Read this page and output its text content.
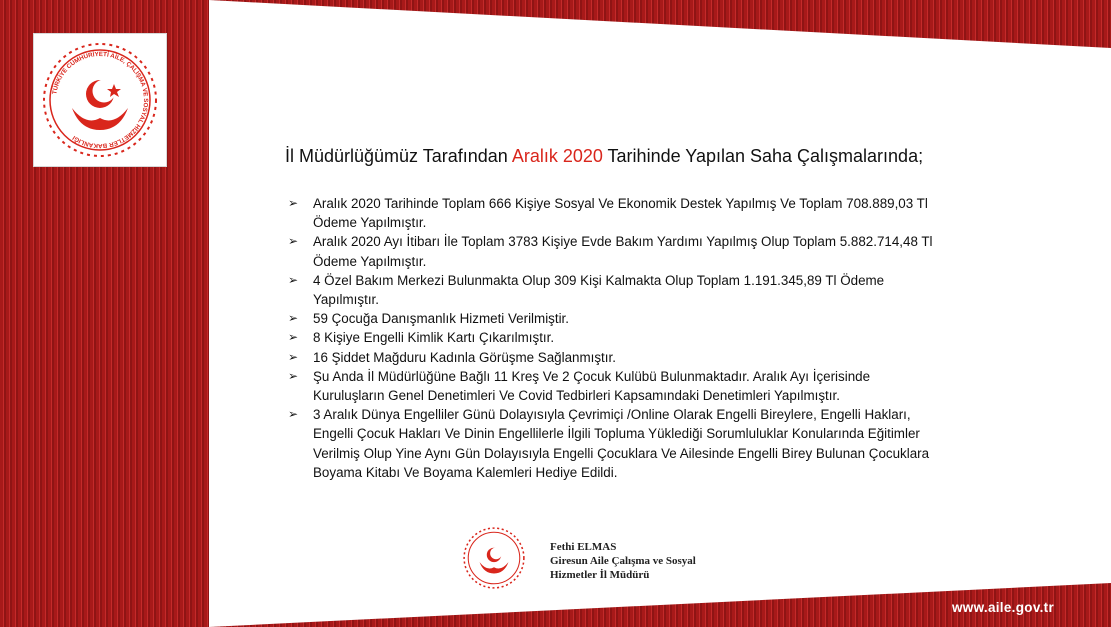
TÜRKİYE CUMHURİYETİ AİLE, ÇALIŞMA VE SOSYAL HİZMETLER BAKANLIĞI
İl Müdürlüğümüz Tarafından Aralık 2020 Tarihinde Yapılan Saha Çalışmalarında;
➢ Aralık 2020 Tarihinde Toplam 666 Kişiye Sosyal Ve Ekonomik Destek Yapılmış Ve Toplam 708.889,03 Tl
Ödeme Yapılmıştır.
➢ Aralık 2020 Ayı İtibarı İle Toplam 3783 Kişiye Evde Bakım Yardımı Yapılmış Olup Toplam 5.882.714,48 Tl
Ödeme Yapılmıştır.
➢ 4 Özel Bakım Merkezi Bulunmakta Olup 309 Kişi Kalmakta Olup Toplam 1.191.345,89 Tl Ödeme
Yapılmıştır.
➢ 59 Çocuğa Danışmanlık Hizmeti Verilmiştir.
➢ 8 Kişiye Engelli Kimlik Kartı Çıkarılmıştır.
➢ 16 Şiddet Mağduru Kadınla Görüşme Sağlanmıştır.
➢ Şu Anda İl Müdürlüğüne Bağlı 11 Kreş Ve 2 Çocuk Kulübü Bulunmaktadır. Aralık Ayı İçerisinde
Kuruluşların Genel Denetimleri Ve Covid Tedbirleri Kapsamındaki Denetimleri Yapılmıştır.
➢ 3 Aralık Dünya Engelliler Günü Dolayısıyla Çevrimiçi /Online Olarak Engelli Bireylere, Engelli Hakları,
Engelli Çocuk Hakları Ve Dinin Engellilerle İlgili Topluma Yüklediği Sorumluluklar Konularında Eğitimler
Verilmiş Olup Yine Aynı Gün Dolayısıyla Engelli Çocuklara Ve Ailesinde Engelli Birey Bulunan Çocuklara
Boyama Kitabı Ve Boyama Kalemleri Hediye Edildi.
Fethi ELMAS
Giresun Aile Çalışma ve Sosyal
Hizmetler İl Müdürü
www.aile.gov.tr
